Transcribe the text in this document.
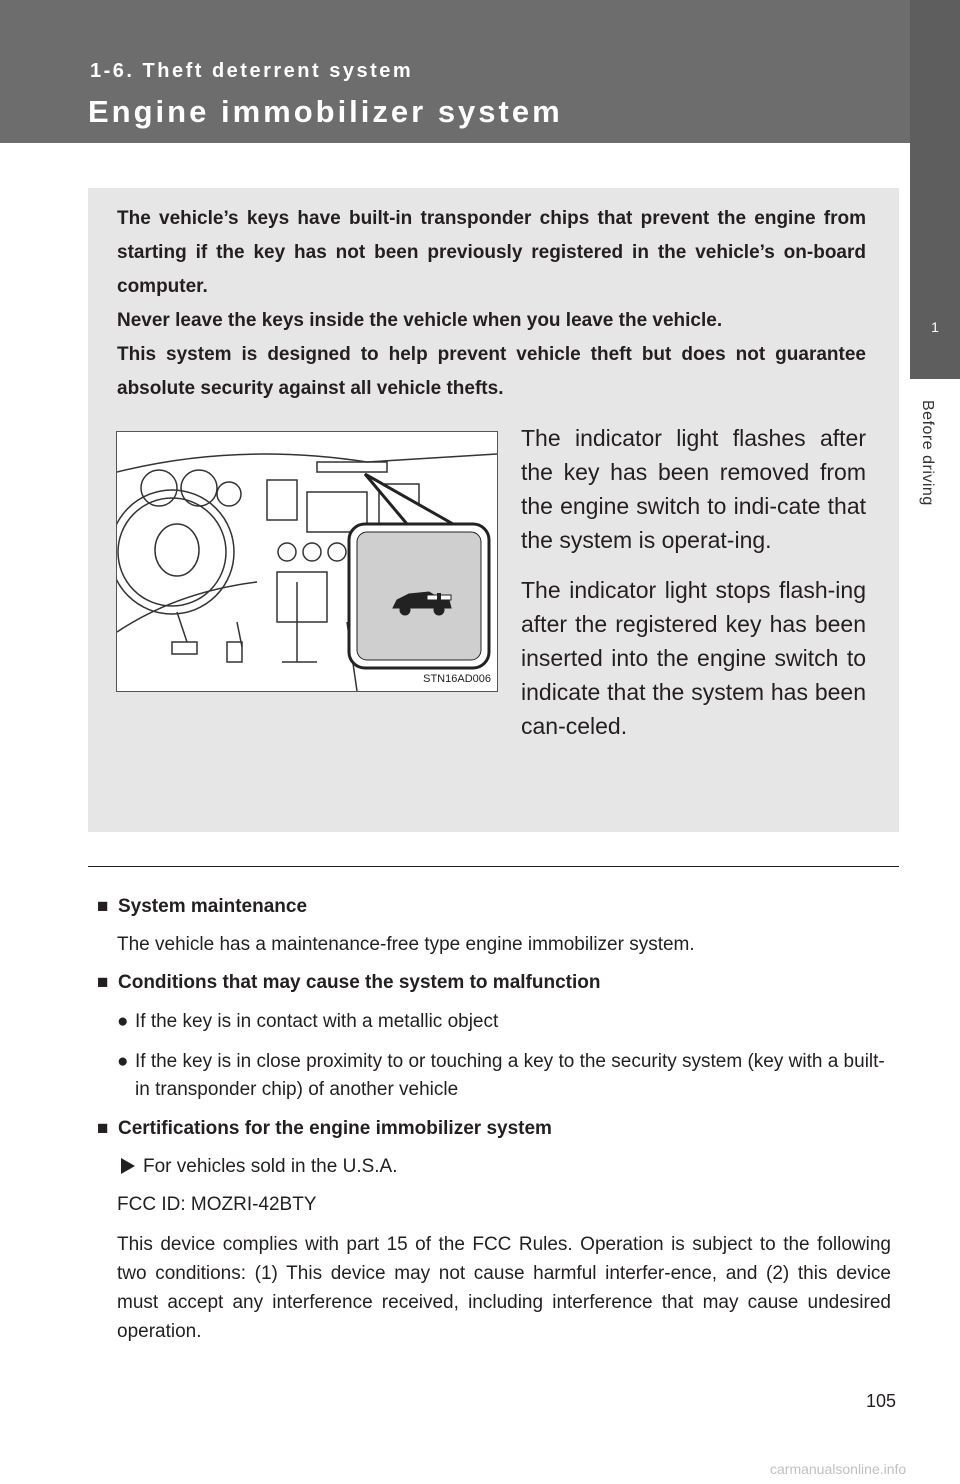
1-6. Theft deterrent system
Engine immobilizer system
1
Before driving

The vehicle’s keys have built-in transponder chips that prevent the engine from starting if the key has not been previously registered in the vehicle’s on-board computer.

Never leave the keys inside the vehicle when you leave the vehicle.

This system is designed to help prevent vehicle theft but does not guarantee absolute security against all vehicle thefts.

STN16AD006

The indicator light flashes after the key has been removed from the engine switch to indi-cate that the system is operat-ing.

The indicator light stops flash-ing after the registered key has been inserted into the engine switch to indicate that the system has been can-celed.

■ System maintenance
The vehicle has a maintenance-free type engine immobilizer system.
■ Conditions that may cause the system to malfunction
● If the key is in contact with a metallic object
● If the key is in close proximity to or touching a key to the security system (key with a built-in transponder chip) of another vehicle
■ Certifications for the engine immobilizer system
For vehicles sold in the U.S.A.
FCC ID: MOZRI-42BTY
This device complies with part 15 of the FCC Rules. Operation is subject to the following two conditions: (1) This device may not cause harmful interfer-ence, and (2) this device must accept any interference received, including interference that may cause undesired operation.
105
carmanualsonline.info
